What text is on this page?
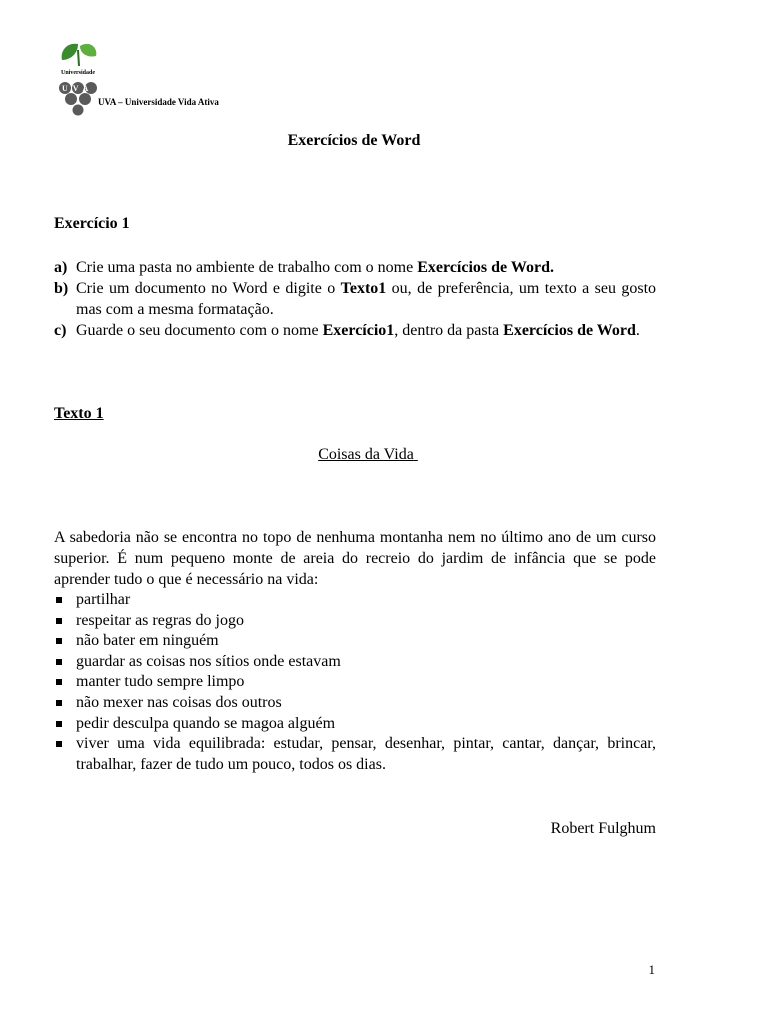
Universidade
UVA
UVA – Universidade Vida Ativa
Exercícios de Word
Exercício 1
a) Crie uma pasta no ambiente de trabalho com o nome Exercícios de Word.
b) Crie um documento no Word e digite o Texto1 ou, de preferência, um texto a seu gosto mas com a mesma formatação.
c) Guarde o seu documento com o nome Exercício1, dentro da pasta Exercícios de Word.
Texto 1
Coisas da Vida
A sabedoria não se encontra no topo de nenhuma montanha nem no último ano de um curso superior. É num pequeno monte de areia do recreio do jardim de infância que se pode aprender tudo o que é necessário na vida:
partilhar
respeitar as regras do jogo
não bater em ninguém
guardar as coisas nos sítios onde estavam
manter tudo sempre limpo
não mexer nas coisas dos outros
pedir desculpa quando se magoa alguém
viver uma vida equilibrada: estudar, pensar, desenhar, pintar, cantar, dançar, brincar, trabalhar, fazer de tudo um pouco, todos os dias.
Robert Fulghum
1
